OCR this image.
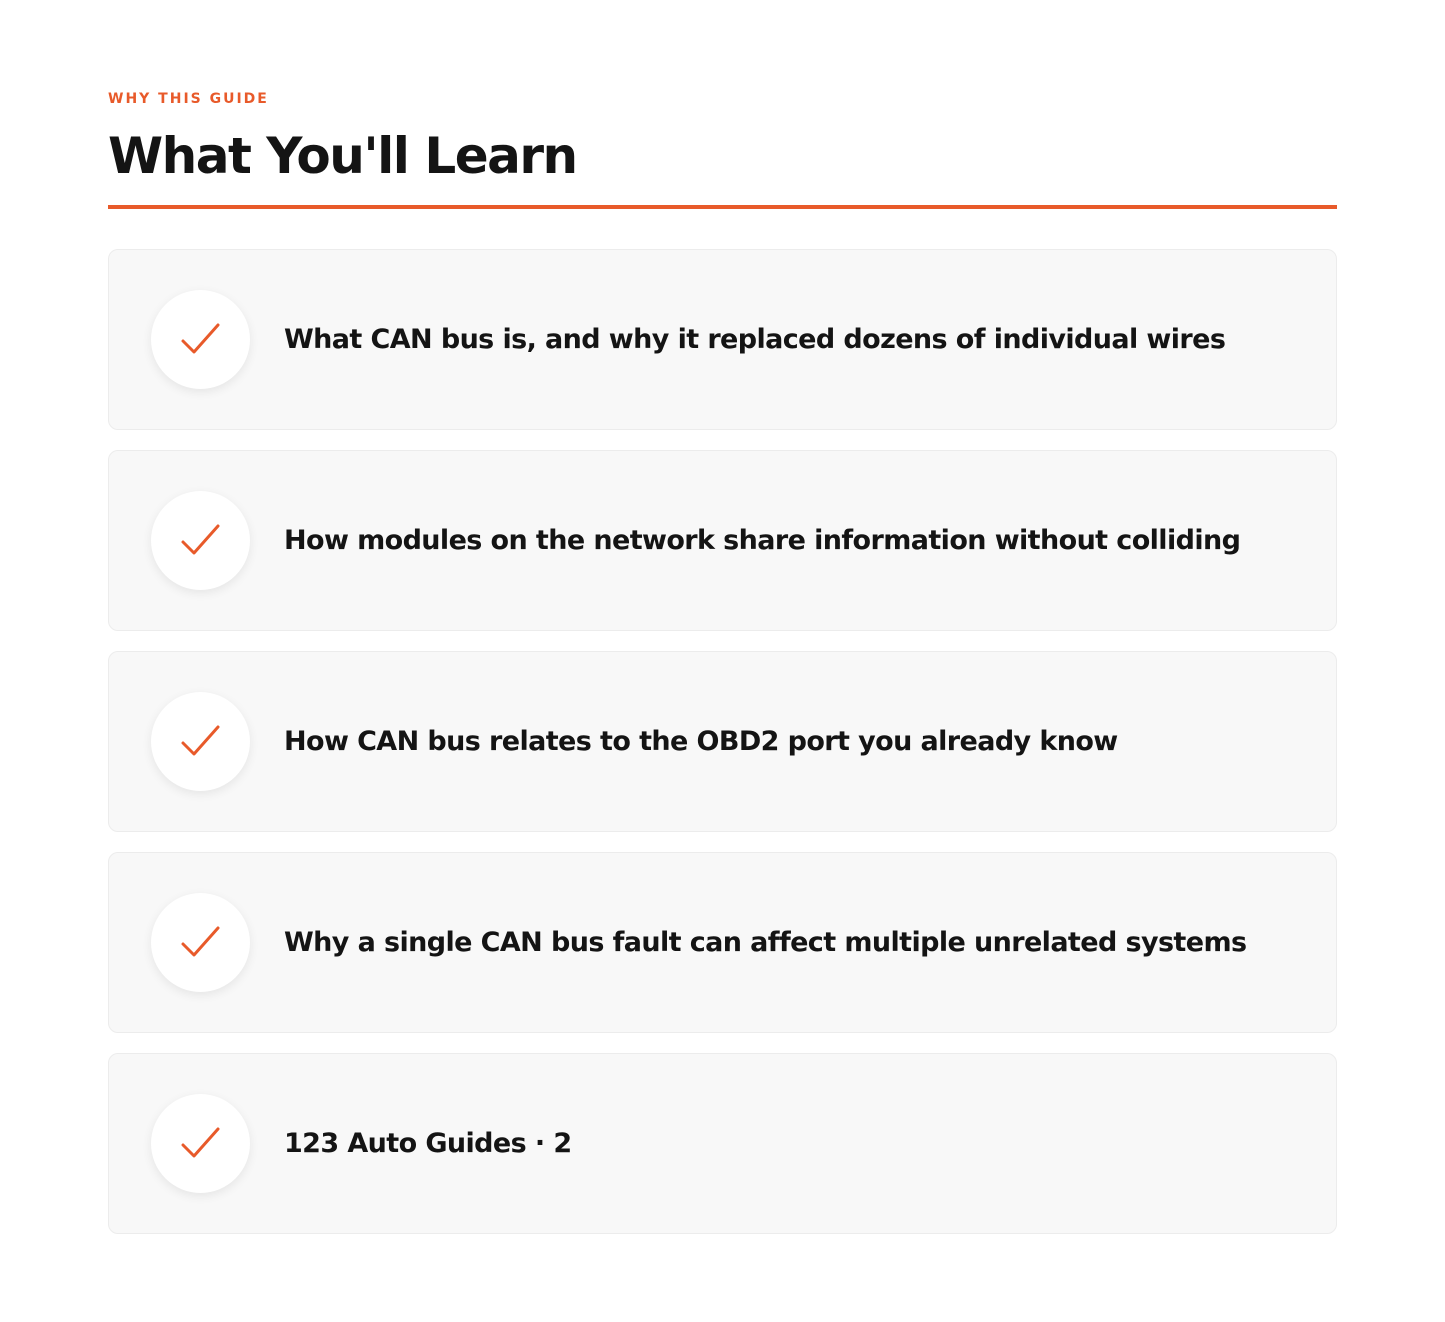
WHY THIS GUIDE
What You'll Learn
What CAN bus is, and why it replaced dozens of individual wires
How modules on the network share information without colliding
How CAN bus relates to the OBD2 port you already know
Why a single CAN bus fault can affect multiple unrelated systems
123 Auto Guides · 2
